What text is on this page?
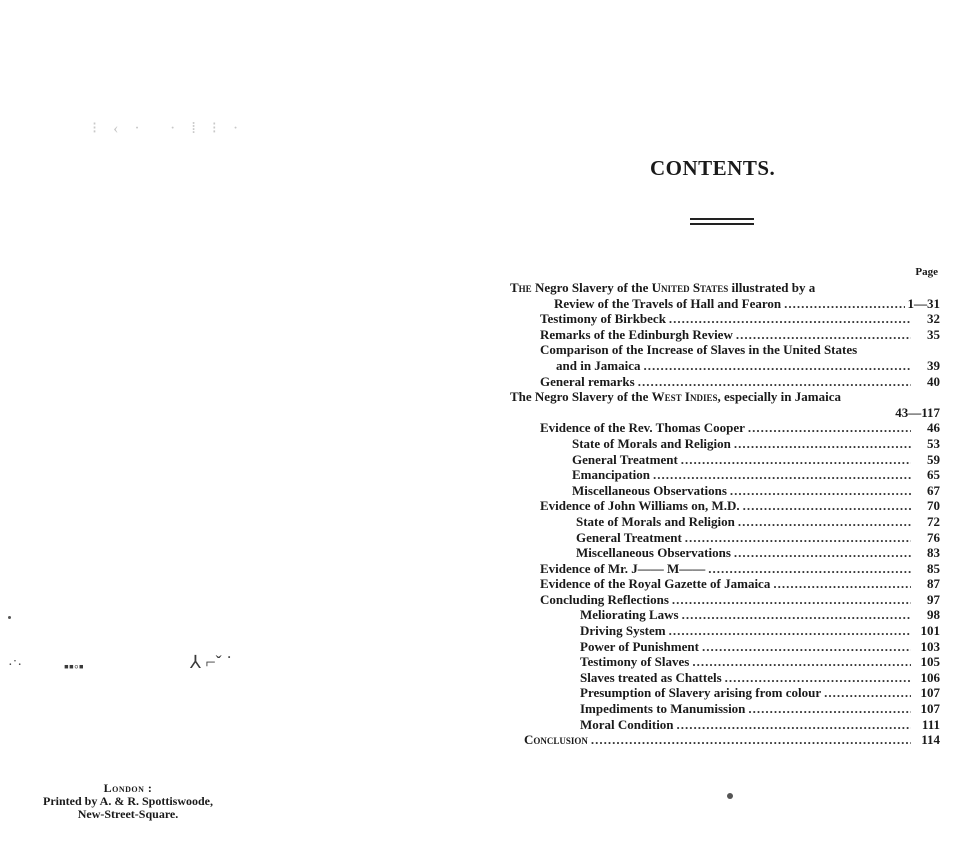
⁝ ‹ · · ⁞ ⁝ ·
·˙·	▪▪◦▪	⅄ ⌐ˇ ˙
London :
Printed by A. & R. Spottiswoode,
New-Street-Square.
CONTENTS.
Page
The Negro Slavery of the United States illustrated by a
Review of the Travels of Hall and Fearon .....	1—31
Testimony of Birkbeck .....	32
Remarks of the Edinburgh Review .....	35
Comparison of the Increase of Slaves in the United States
and in Jamaica .....	39
General remarks .....	40
The Negro Slavery of the West Indies, especially in Jamaica
43—117
Evidence of the Rev. Thomas Cooper .....	46
State of Morals and Religion .....	53
General Treatment .....	59
Emancipation .....	65
Miscellaneous Observations .....	67
Evidence of John Williams on, M.D. .....	70
State of Morals and Religion .....	72
General Treatment .....	76
Miscellaneous Observations .....	83
Evidence of Mr. J—— M—— .....	85
Evidence of the Royal Gazette of Jamaica .....	87
Concluding Reflections .....	97
Meliorating Laws .....	98
Driving System .....	101
Power of Punishment .....	103
Testimony of Slaves .....	105
Slaves treated as Chattels .....	106
Presumption of Slavery arising from colour .....	107
Impediments to Manumission .....	107
Moral Condition .....	111
Conclusion .....	114
